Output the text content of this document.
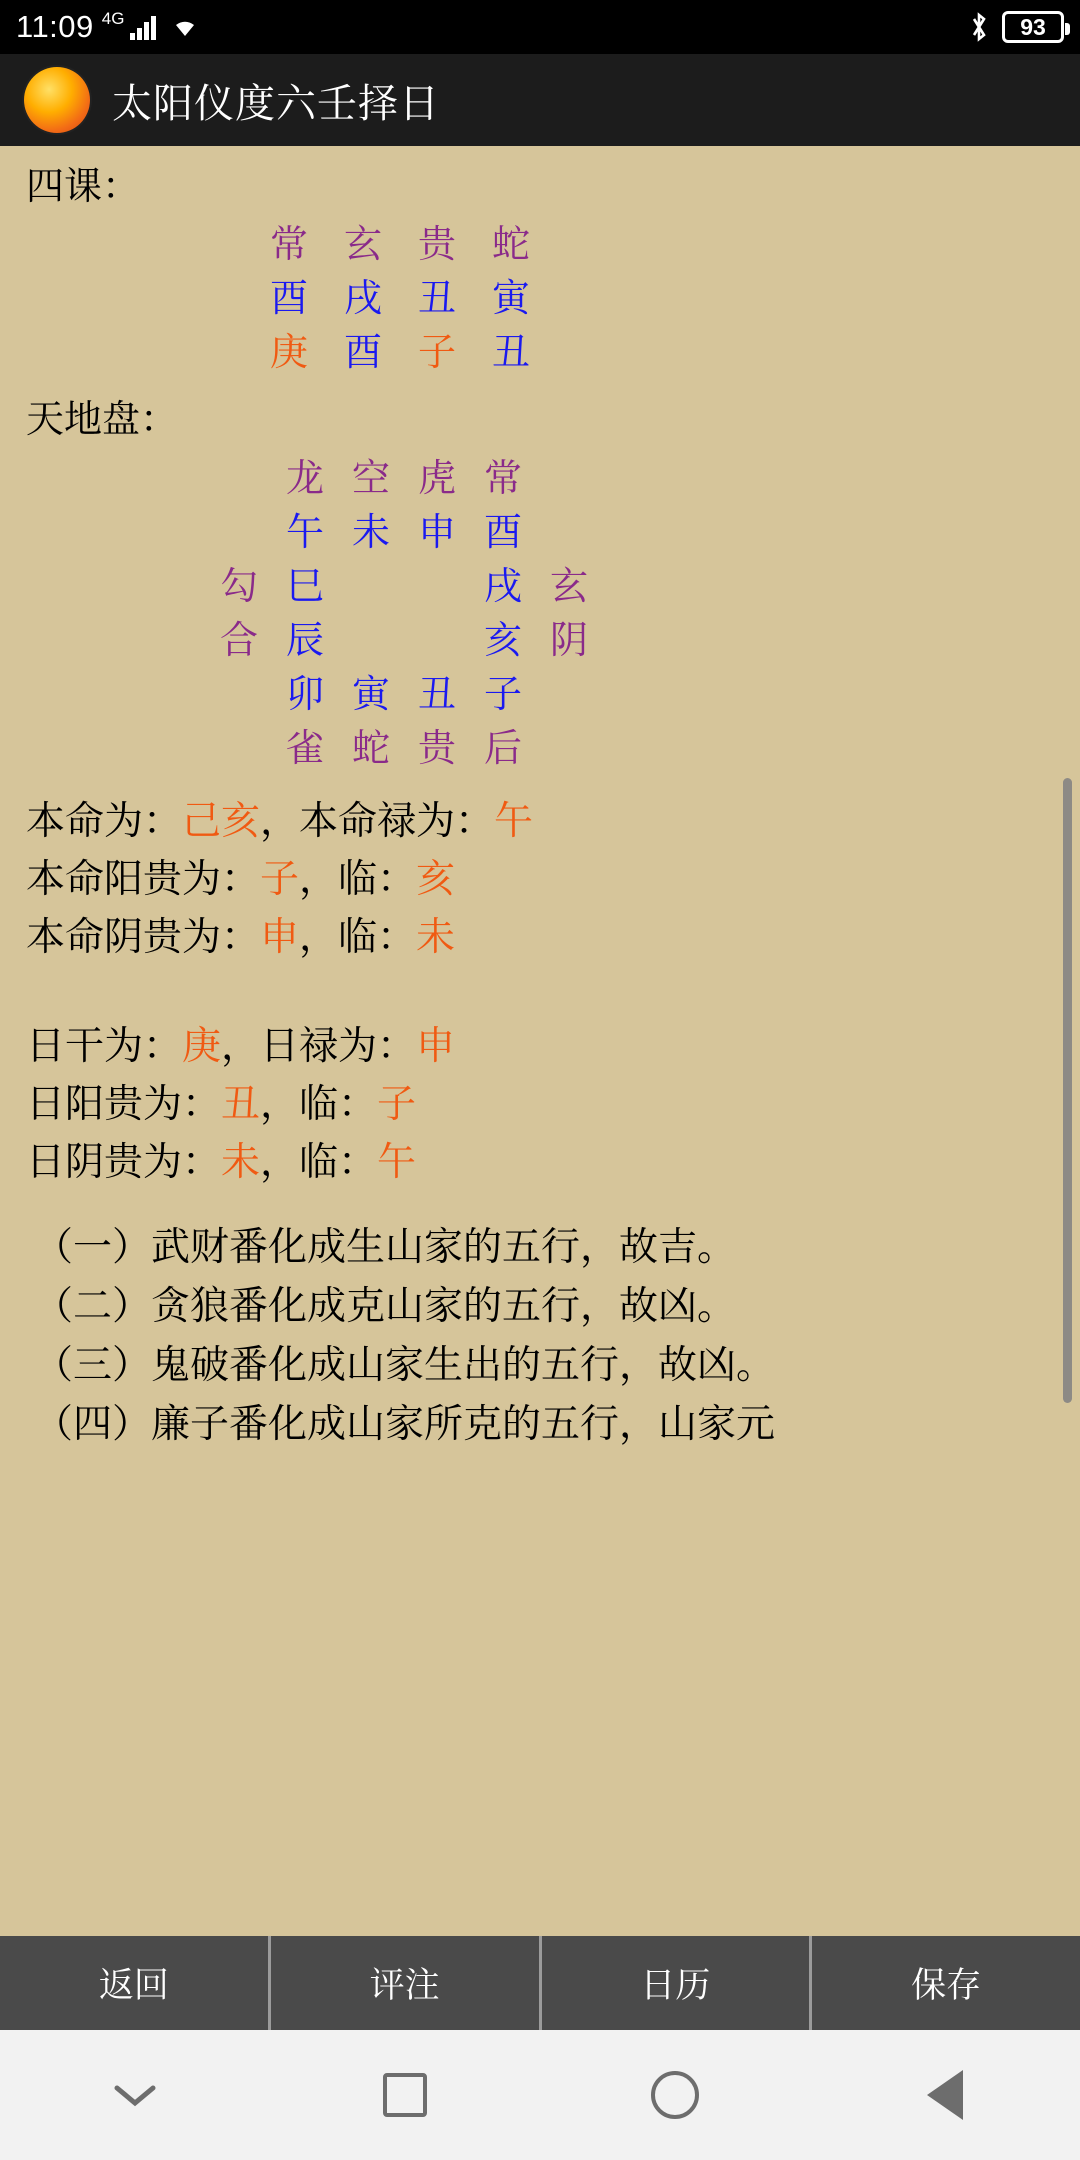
11:09 4G	93
太阳仪度六壬择日
四课：
常 玄 贵 蛇
酉 戌 丑 寅
庚 酉 子 丑
天地盘：
龙 空 虎 常
午 未 申 酉
勾 巳	戌 玄
合 辰	亥 阴
卯 寅 丑 子
雀 蛇 贵 后
本命为：己亥，本命禄为：午
本命阳贵为：子，临：亥
本命阴贵为：申，临：未
日干为：庚，日禄为：申
日阳贵为：丑，临：子
日阴贵为：未，临：午
（一）武财番化成生山家的五行，故吉。
（二）贪狼番化成克山家的五行，故凶。
（三）鬼破番化成山家生出的五行，故凶。
（四）廉子番化成山家所克的五行，山家元
返回	评注	日历	保存
